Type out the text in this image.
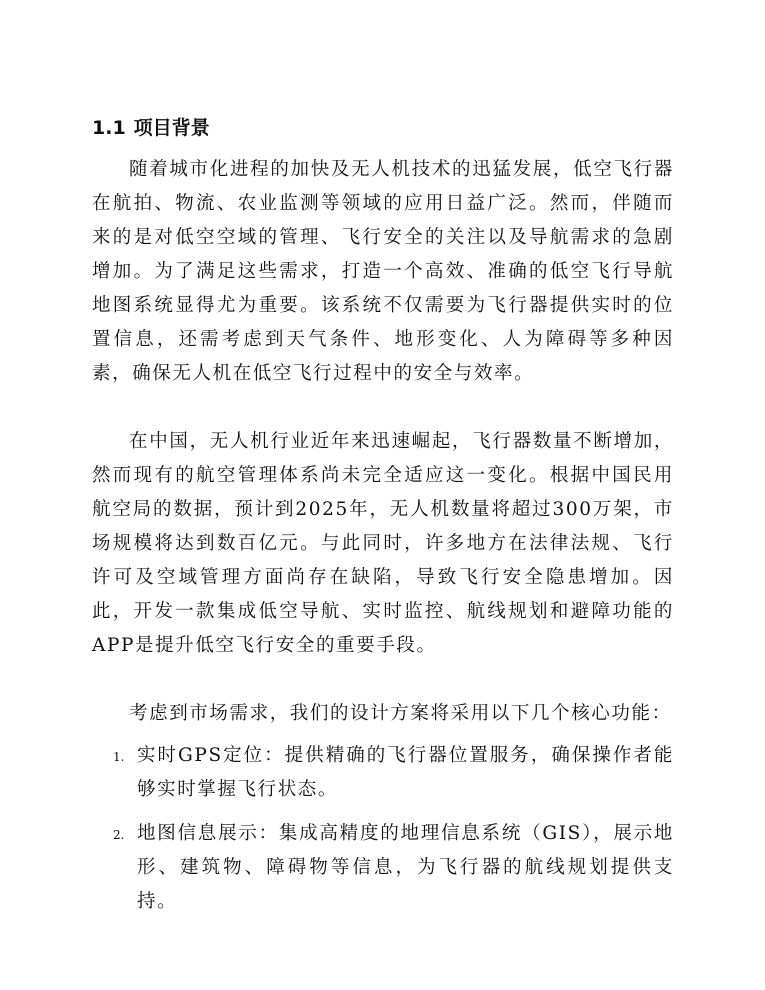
1.1 项目背景

随着城市化进程的加快及无人机技术的迅猛发展，低空飞行器在航拍、物流、农业监测等领域的应用日益广泛。然而，伴随而来的是对低空空域的管理、飞行安全的关注以及导航需求的急剧增加。为了满足这些需求，打造一个高效、准确的低空飞行导航地图系统显得尤为重要。该系统不仅需要为飞行器提供实时的位置信息，还需考虑到天气条件、地形变化、人为障碍等多种因素，确保无人机在低空飞行过程中的安全与效率。

在中国，无人机行业近年来迅速崛起，飞行器数量不断增加，然而现有的航空管理体系尚未完全适应这一变化。根据中国民用航空局的数据，预计到2025年，无人机数量将超过300万架，市场规模将达到数百亿元。与此同时，许多地方在法律法规、飞行许可及空域管理方面尚存在缺陷，导致飞行安全隐患增加。因此，开发一款集成低空导航、实时监控、航线规划和避障功能的APP是提升低空飞行安全的重要手段。

考虑到市场需求，我们的设计方案将采用以下几个核心功能：

1. 实时GPS定位：提供精确的飞行器位置服务，确保操作者能够实时掌握飞行状态。
2. 地图信息展示：集成高精度的地理信息系统（GIS），展示地形、建筑物、障碍物等信息，为飞行器的航线规划提供支持。
